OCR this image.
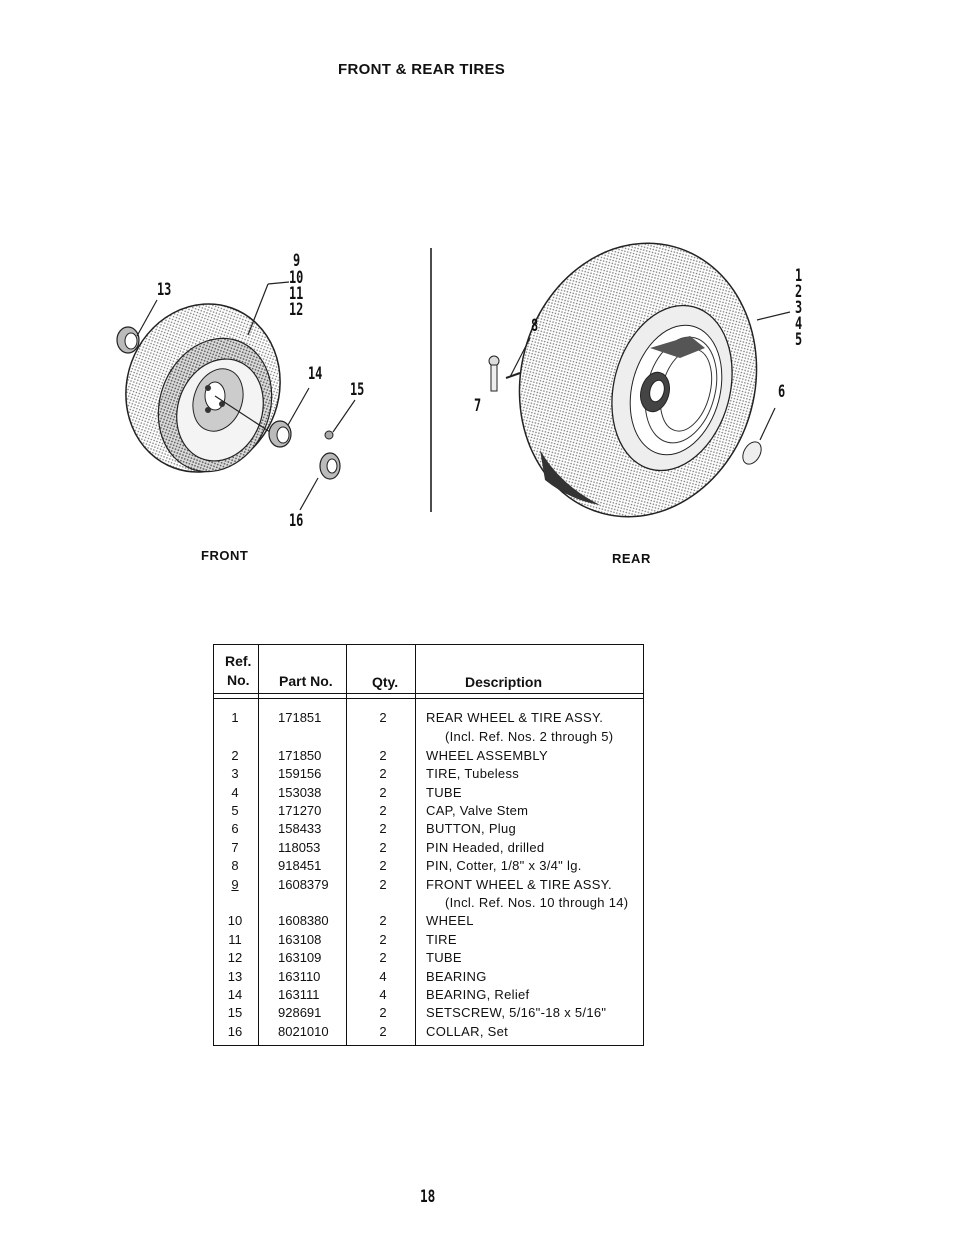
FRONT & REAR TIRES
13
9
10
11
12
14
15
16
1
2
3
4
5
6
7
8
FRONT	REAR
Ref.
No. Part No.	Qty.	Description
1	171851	2	REAR WHEEL & TIRE ASSY.
(Incl. Ref. Nos. 2 through 5)
2	171850	2	WHEEL ASSEMBLY
3	159156	2	TIRE, Tubeless
4	153038	2	TUBE
5	171270	2	CAP, Valve Stem
6	158433	2	BUTTON, Plug
7	118053	2	PIN Headed, drilled
8	918451	2	PIN, Cotter, 1/8" x 3/4" lg.
9	1608379	2	FRONT WHEEL & TIRE ASSY.
(Incl. Ref. Nos. 10 through 14)
10	1608380	2	WHEEL
11	163108	2	TIRE
12	163109	2	TUBE
13	163110	4	BEARING
14	163111	4	BEARING, Relief
15	928691	2	SETSCREW, 5/16"-18 x 5/16"
16	8021010	2	COLLAR, Set
18
